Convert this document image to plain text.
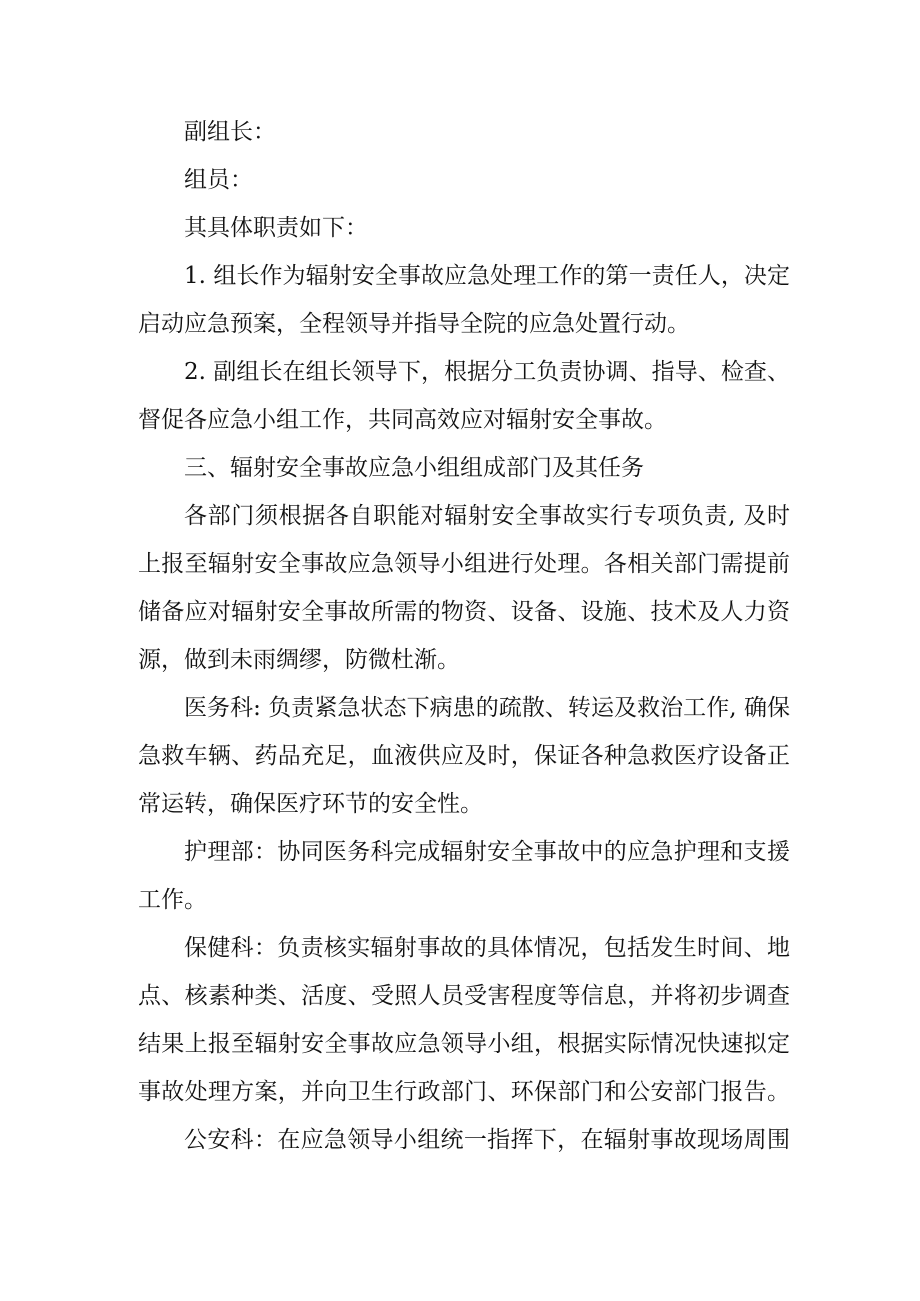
副组长：
组员：
其具体职责如下：
1. 组长作为辐射安全事故应急处理工作的第一责任人，决定
启动应急预案，全程领导并指导全院的应急处置行动。
2. 副组长在组长领导下，根据分工负责协调、指导、检查、
督促各应急小组工作，共同高效应对辐射安全事故。
三、辐射安全事故应急小组组成部门及其任务
各部门须根据各自职能对辐射安全事故实行专项负责, 及时
上报至辐射安全事故应急领导小组进行处理。各相关部门需提前
储备应对辐射安全事故所需的物资、设备、设施、技术及人力资
源，做到未雨绸缪，防微杜渐。
医务科: 负责紧急状态下病患的疏散、转运及救治工作, 确保
急救车辆、药品充足，血液供应及时，保证各种急救医疗设备正
常运转，确保医疗环节的安全性。
护理部：协同医务科完成辐射安全事故中的应急护理和支援
工作。
保健科：负责核实辐射事故的具体情况，包括发生时间、地
点、核素种类、活度、受照人员受害程度等信息，并将初步调查
结果上报至辐射安全事故应急领导小组，根据实际情况快速拟定
事故处理方案，并向卫生行政部门、环保部门和公安部门报告。
公安科：在应急领导小组统一指挥下，在辐射事故现场周围
